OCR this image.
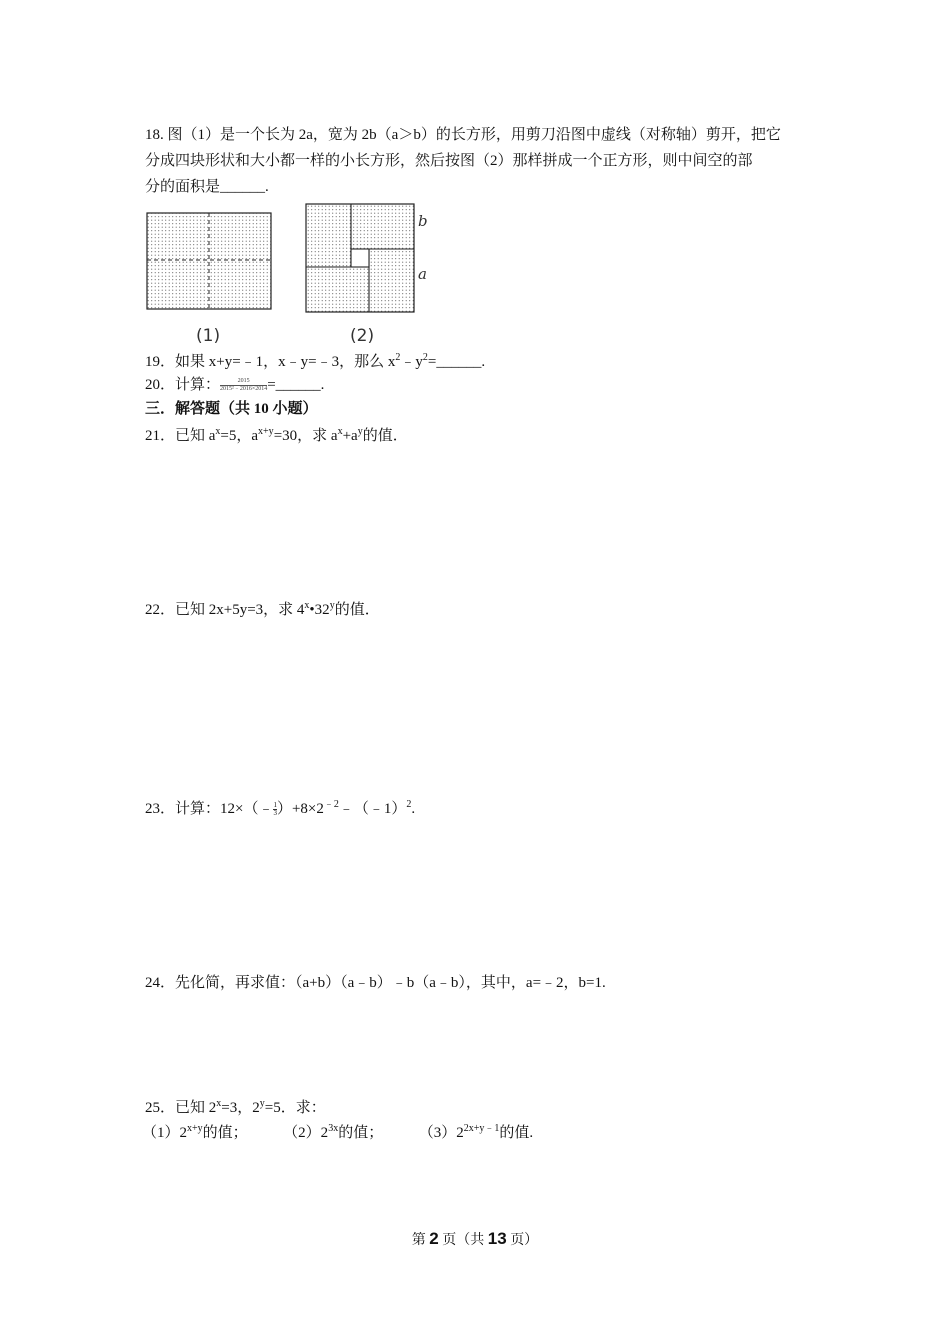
18. 图（1）是一个长为 2a，宽为 2b（a＞b）的长方形，用剪刀沿图中虚线（对称轴）剪开，把它
分成四块形状和大小都一样的小长方形，然后按图（2）那样拼成一个正方形，则中间空的部
分的面积是______.
(1)
b
a
(2)
19．如果 x+y=﹣1，x﹣y=﹣3，那么 $x^2﹣y^2=\_\_\_\_\_\_$.
20．计算： $\frac{2015}{\text{2015²﹣2016×2014}}$ =______.
三．解答题（共 10 小题）
21．已知 $a^x=5$，$a^{x+y}=30$，求 $a^x+a^y$的值．
22．已知 2x+5y=3，求 4$^x$•32$^y$的值．
23．计算：12×（﹣ $\frac{1}{3}$ ）$+8\times 2^{﹣2}﹣(﹣1)^2$.
24．先化简，再求值：（a+b）（a﹣b）﹣b（a﹣b），其中，a=﹣2，b=1.
25．已知 $2^x=3$，$2^y=5$．求：
$(1)2^{x+y}$的值； $(2)2^{3x}$的值； $(3)2^{2x+y﹣1}$的值.
第 2 页（共 13 页）
